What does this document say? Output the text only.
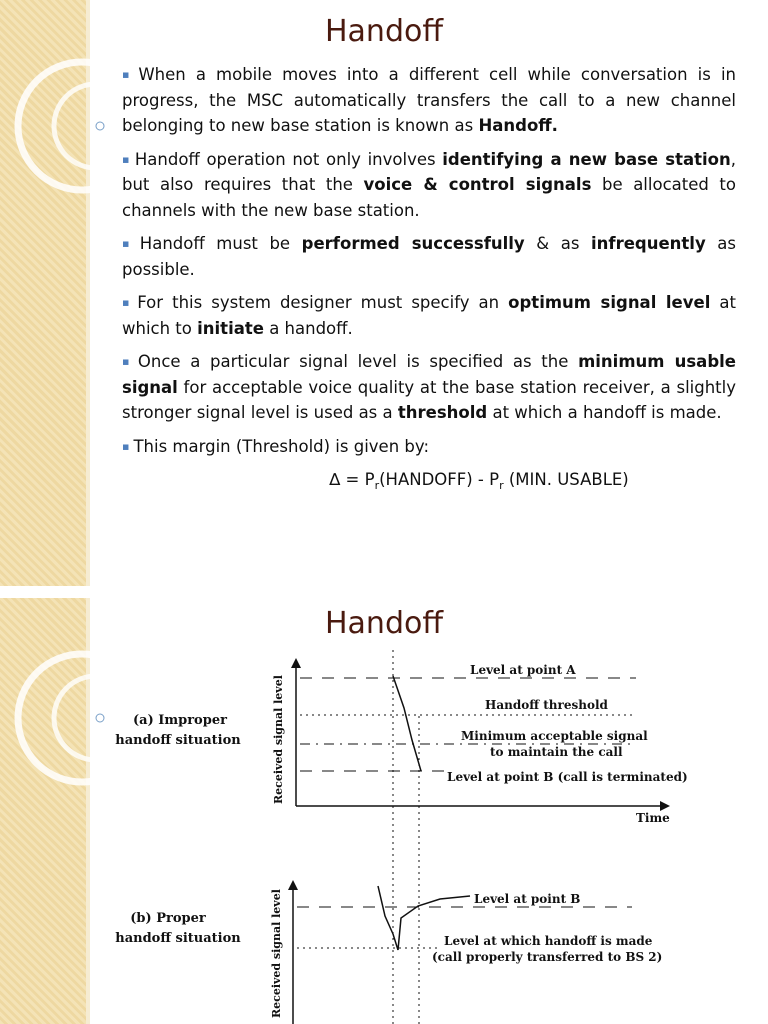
Handoff
▪ When a mobile moves into a different cell while conversation is in progress, the MSC automatically transfers the call to a new channel belonging to new base station is known as Handoff.
▪ Handoff operation not only involves identifying a new base station, but also requires that the voice & control signals be allocated to channels with the new base station.
▪ Handoff must be performed successfully & as infrequently as possible.
▪ For this system designer must specify an optimum signal level at which to initiate a handoff.
▪ Once a particular signal level is specified as the minimum usable signal for acceptable voice quality at the base station receiver, a slightly stronger signal level is used as a threshold at which a handoff is made.
▪ This margin (Threshold) is given by:
∆ = $P_r(HANDOFF) - P_r$ (MIN. USABLE)
Handoff
(a) Improper
handoff situation	Received signal level
Time
Level at point A
Handoff threshold
Minimum acceptable signal
to maintain the call
Level at point B (call is terminated)
(b) Proper
handoff situation	Received signal level	Level at point B
Level at which handoff is made
(call properly transferred to BS 2)
